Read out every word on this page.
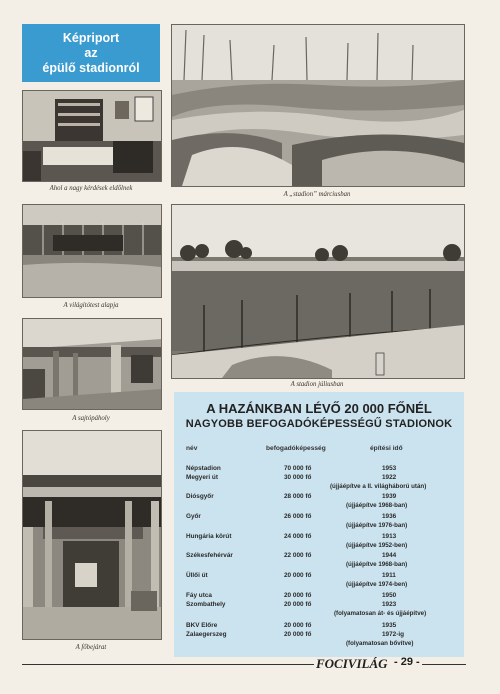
Képriport
az
épülő stadionról
Ahol a nagy kérdések eldőlnek
A „stadion” márciusban
A világítótest alapja
A stadion júliusban
A sajtópáholy
A főbejárat
A HAZÁNKBAN LÉVŐ 20 000 FŐNÉL
NAGYOBB BEFOGADÓKÉPESSÉGŰ STADIONOK
név	befogadóképesség	építési idő
Népstadion	70 000 fő	1953
Megyeri út	30 000 fő	1922
(újjáépítve a II. világháború után)
Diósgyőr	28 000 fő	1939
(újjáépítve 1968-ban)
Győr	26 000 fő	1936
(újjáépítve 1976-ban)
Hungária körút	24 000 fő	1913
(újjáépítve 1952-ben)
Székesfehérvár	22 000 fő	1944
(újjáépítve 1968-ban)
Üllői út	20 000 fő	1911
(újjáépítve 1974-ben)
Fáy utca	20 000 fő	1950
Szombathely	20 000 fő	1923
(folyamatosan át- és újjáépítve)
BKV Előre	20 000 fő	1935
Zalaegerszeg	20 000 fő	1972-ig
(folyamatosan bővítve)
FOCIVILÁG - 29 -
